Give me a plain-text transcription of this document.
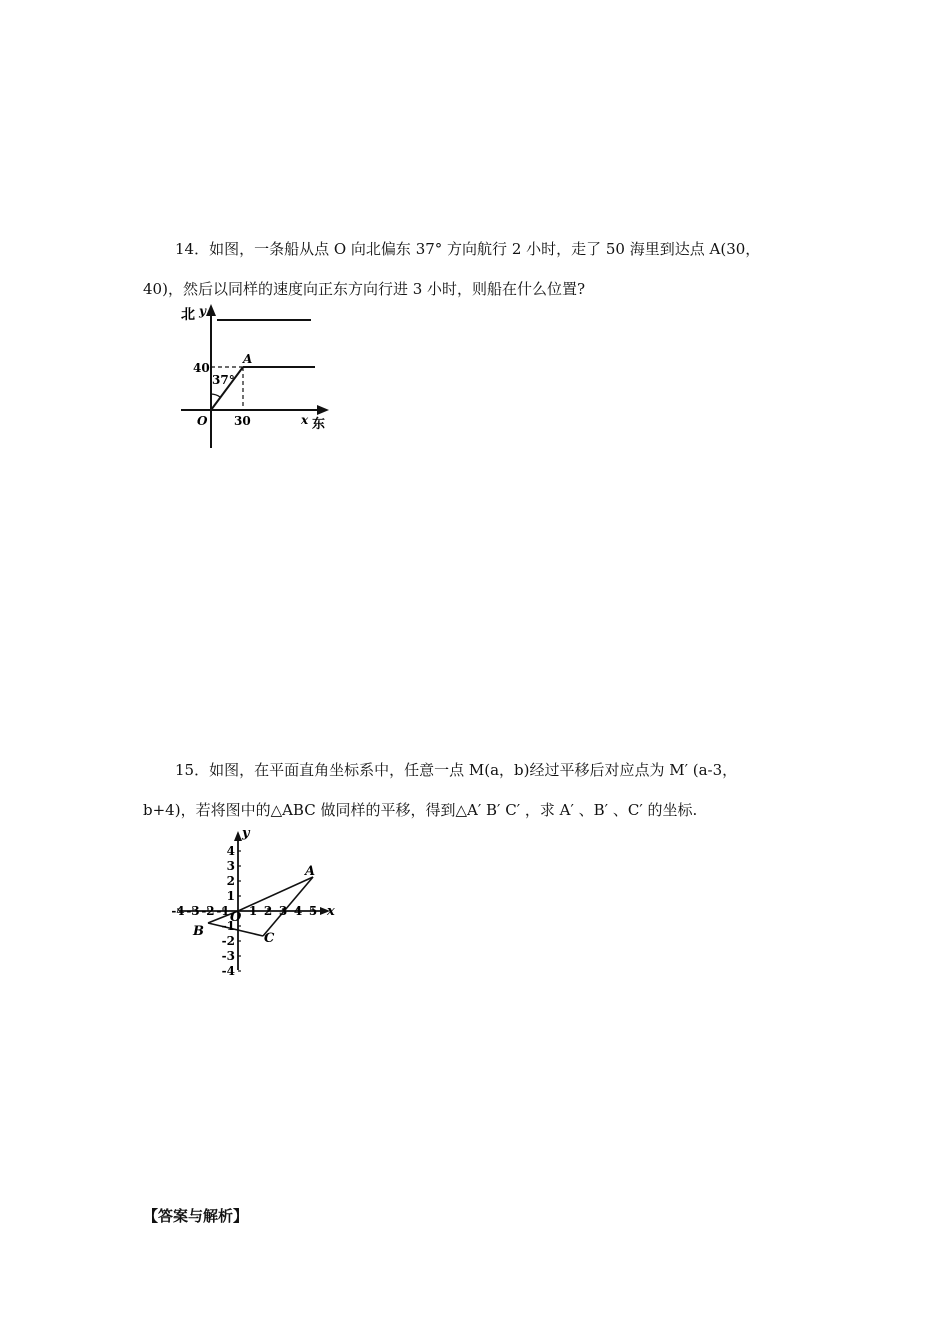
14．如图，一条船从点 O 向北偏东 37° 方向航行 2 小时，走了 50 海里到达点 A(30，
40)，然后以同样的速度向正东方向行进 3 小时，则船在什么位置?

北 y
40
A
37°
O 30	x 东

15．如图，在平面直角坐标系中，任意一点 M(a，b)经过平移后对应点为 M′ (a-3，
b+4)，若将图中的△ABC 做同样的平移，得到△A′ B′ C′ ，求 A′ 、B′ 、C′ 的坐标.

y
x
O
A
B	C
-4 -3 -2 -1 1 2 3 4 5
4
3
2
1
-1
-2
-3
-4
【答案与解析】
